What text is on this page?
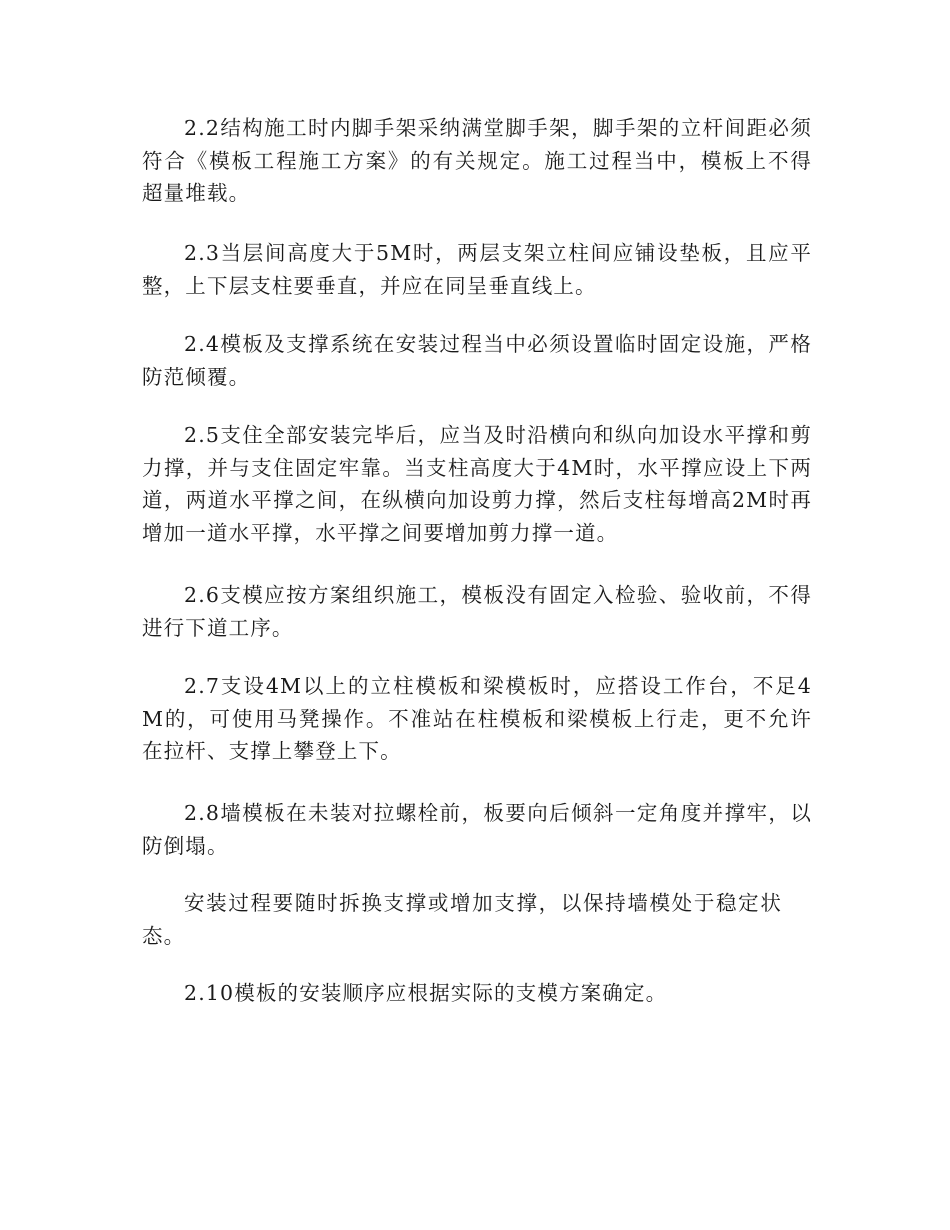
2.2结构施工时内脚手架采纳满堂脚手架，脚手架的立杆间距必须符合《模板工程施工方案》的有关规定。施工过程当中，模板上不得超量堆载。

2.3当层间高度大于5M时，两层支架立柱间应铺设垫板，且应平整，上下层支柱要垂直，并应在同呈垂直线上。

2.4模板及支撑系统在安装过程当中必须设置临时固定设施，严格防范倾覆。

2.5支住全部安装完毕后，应当及时沿横向和纵向加设水平撑和剪力撑，并与支住固定牢靠。当支柱高度大于4M时，水平撑应设上下两道，两道水平撑之间，在纵横向加设剪力撑，然后支柱每增高2M时再增加一道水平撑，水平撑之间要增加剪力撑一道。

2.6支模应按方案组织施工，模板没有固定入检验、验收前，不得进行下道工序。

2.7支设4M以上的立柱模板和梁模板时，应搭设工作台，不足4M的，可使用马凳操作。不准站在柱模板和梁模板上行走，更不允许在拉杆、支撑上攀登上下。

2.8墙模板在未装对拉螺栓前，板要向后倾斜一定角度并撑牢，以防倒塌。

安装过程要随时拆换支撑或增加支撑，以保持墙模处于稳定状态。

2.10模板的安装顺序应根据实际的支模方案确定。
